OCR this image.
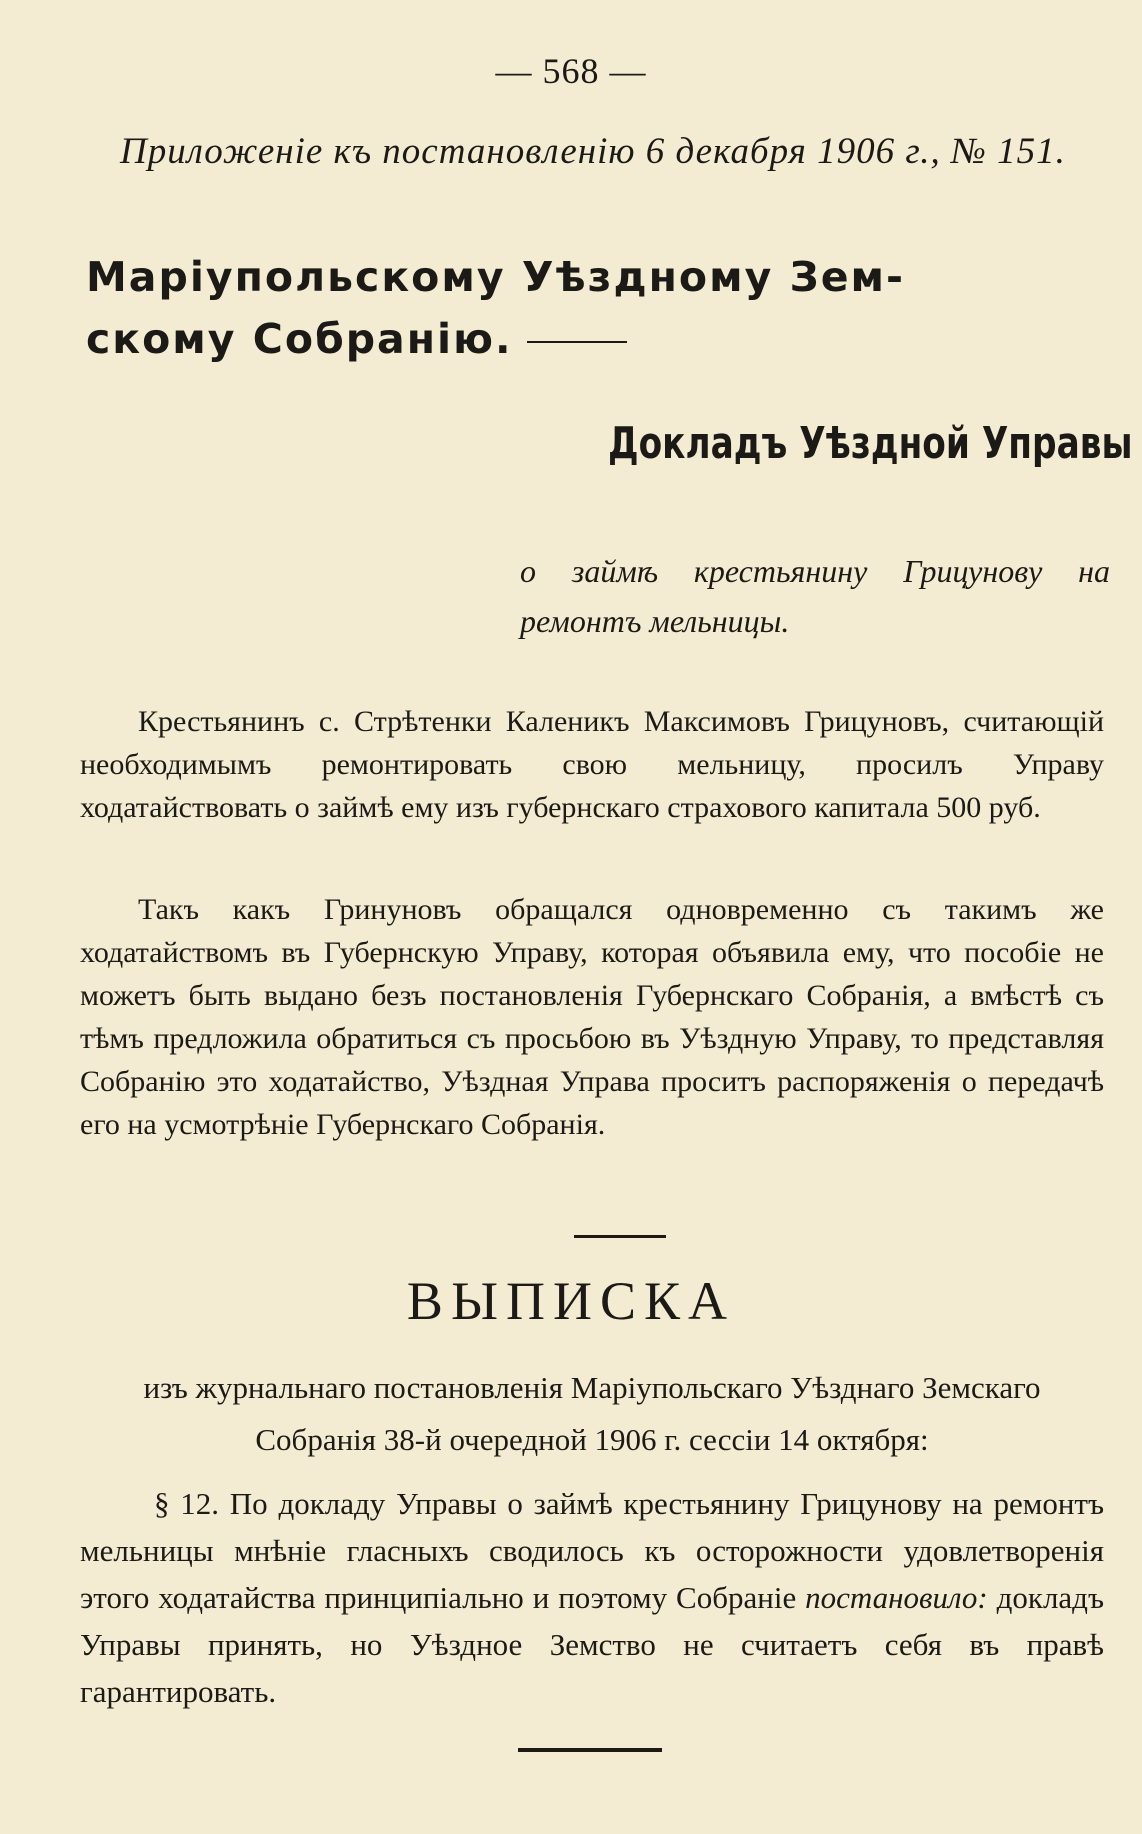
— 568 —
Приложеніе къ постановленію 6 декабря 1906 г., № 151.
Маріупольскому Уѣздному Зем-
скому Собранію.
Докладъ Уѣздной Управы
о займѣ крестьянину Грицунову на ремонтъ мельницы.
Крестьянинъ с. Стрѣтенки Каленикъ Максимовъ Грицуновъ, считающій необходимымъ ремонтировать свою мельницу, просилъ Управу ходатайствовать о займѣ ему изъ губернскаго страхового капитала 500 руб.
Такъ какъ Гринуновъ обращался одновременно съ такимъ же ходатайствомъ въ Губернскую Управу, которая объявила ему, что пособіе не можетъ быть выдано безъ постановленія Губернскаго Собранія, а вмѣстѣ съ тѣмъ предложила обратиться съ просьбою въ Уѣздную Управу, то представляя Собранію это ходатайство, Уѣздная Управа проситъ распоряженія о передачѣ его на усмотрѣніе Губернскаго Собранія.
ВЫПИСКА
изъ журнальнаго постановленія Маріупольскаго Уѣзднаго Земскаго Собранія 38-й очередной 1906 г. сессіи 14 октября:
§ 12. По докладу Управы о займѣ крестьянину Грицунову на ремонтъ мельницы мнѣніе гласныхъ сводилось къ осторожности удовлетворенія этого ходатайства принципіально и поэтому Собраніе постановило: докладъ Управы принять, но Уѣздное Земство не считаетъ себя въ правѣ гарантировать.
